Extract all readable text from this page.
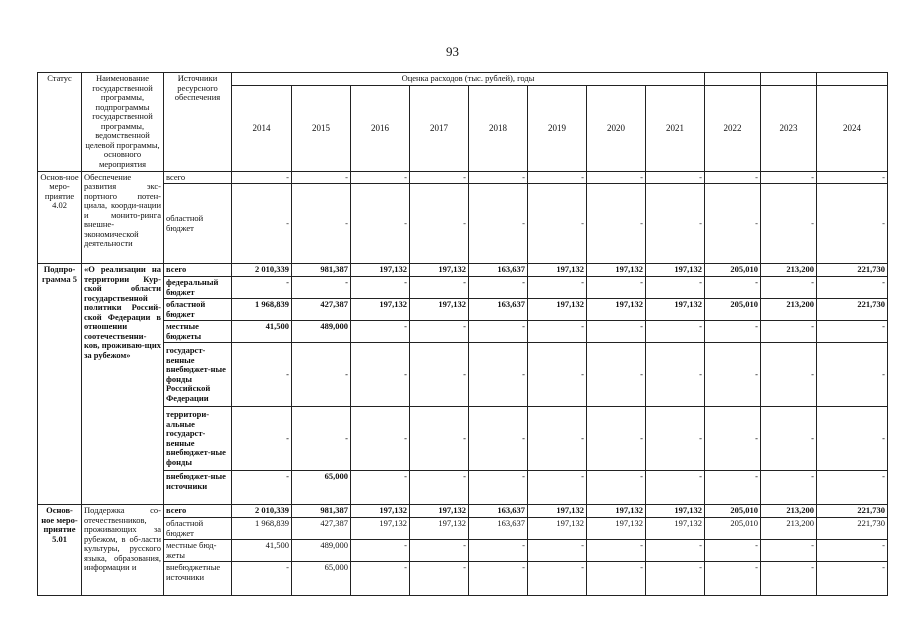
93
Статус	Наименование государственной программы, подпрограммы государственной программы, ведомственной целевой программы, основного мероприятия	Источники ресурсного обеспечения	Оценка расходов (тыс. рублей), годы										
			2014	2015	2016	2017	2018	2019	2020	2021	2022	2023	2024
Основ-ное меро-приятие 4.02	Обеспечение развития экс-портного потен-циала, коорди-нации и монито-ринга внешне-экономической деятельности	всего	-	-	-	-	-	-	-	-	-	-	-
		областной бюджет	-	-	-	-	-	-	-	-	-	-	-
Подпро-грамма 5	«О реализации на территории Кур-ской области государственной политики Россий-ской Федерации в отношении соотечественни-ков, проживаю-щих за рубежом»	всего	2 010,339	981,387	197,132	197,132	163,637	197,132	197,132	197,132	205,010	213,200	221,730
		федеральный бюджет	-	-	-	-	-	-	-	-	-	-	-
		областной бюджет	1 968,839	427,387	197,132	197,132	163,637	197,132	197,132	197,132	205,010	213,200	221,730
		местные бюджеты	41,500	489,000	-	-	-	-	-	-	-	-	-
		государст-венные внебюджет-ные фонды Российской Федерации	-	-	-	-	-	-	-	-	-	-	-
		территори-альные государст-венные внебюджет-ные фонды	-	-	-	-	-	-	-	-	-	-	-
		внебюджет-ные источники	-	65,000	-	-	-	-	-	-	-	-	-
Основ-ное меро-приятие 5.01	Поддержка со-отечественников, проживающих за рубежом, в об-ласти культуры, русского языка, образования, информации и	всего	2 010,339	981,387	197,132	197,132	163,637	197,132	197,132	197,132	205,010	213,200	221,730
		областной бюджет	1 968,839	427,387	197,132	197,132	163,637	197,132	197,132	197,132	205,010	213,200	221,730
		местные бюд-жеты	41,500	489,000	-	-	-	-	-	-	-	-	-
		внебюджетные источники	-	65,000	-	-	-	-	-	-	-	-	-
